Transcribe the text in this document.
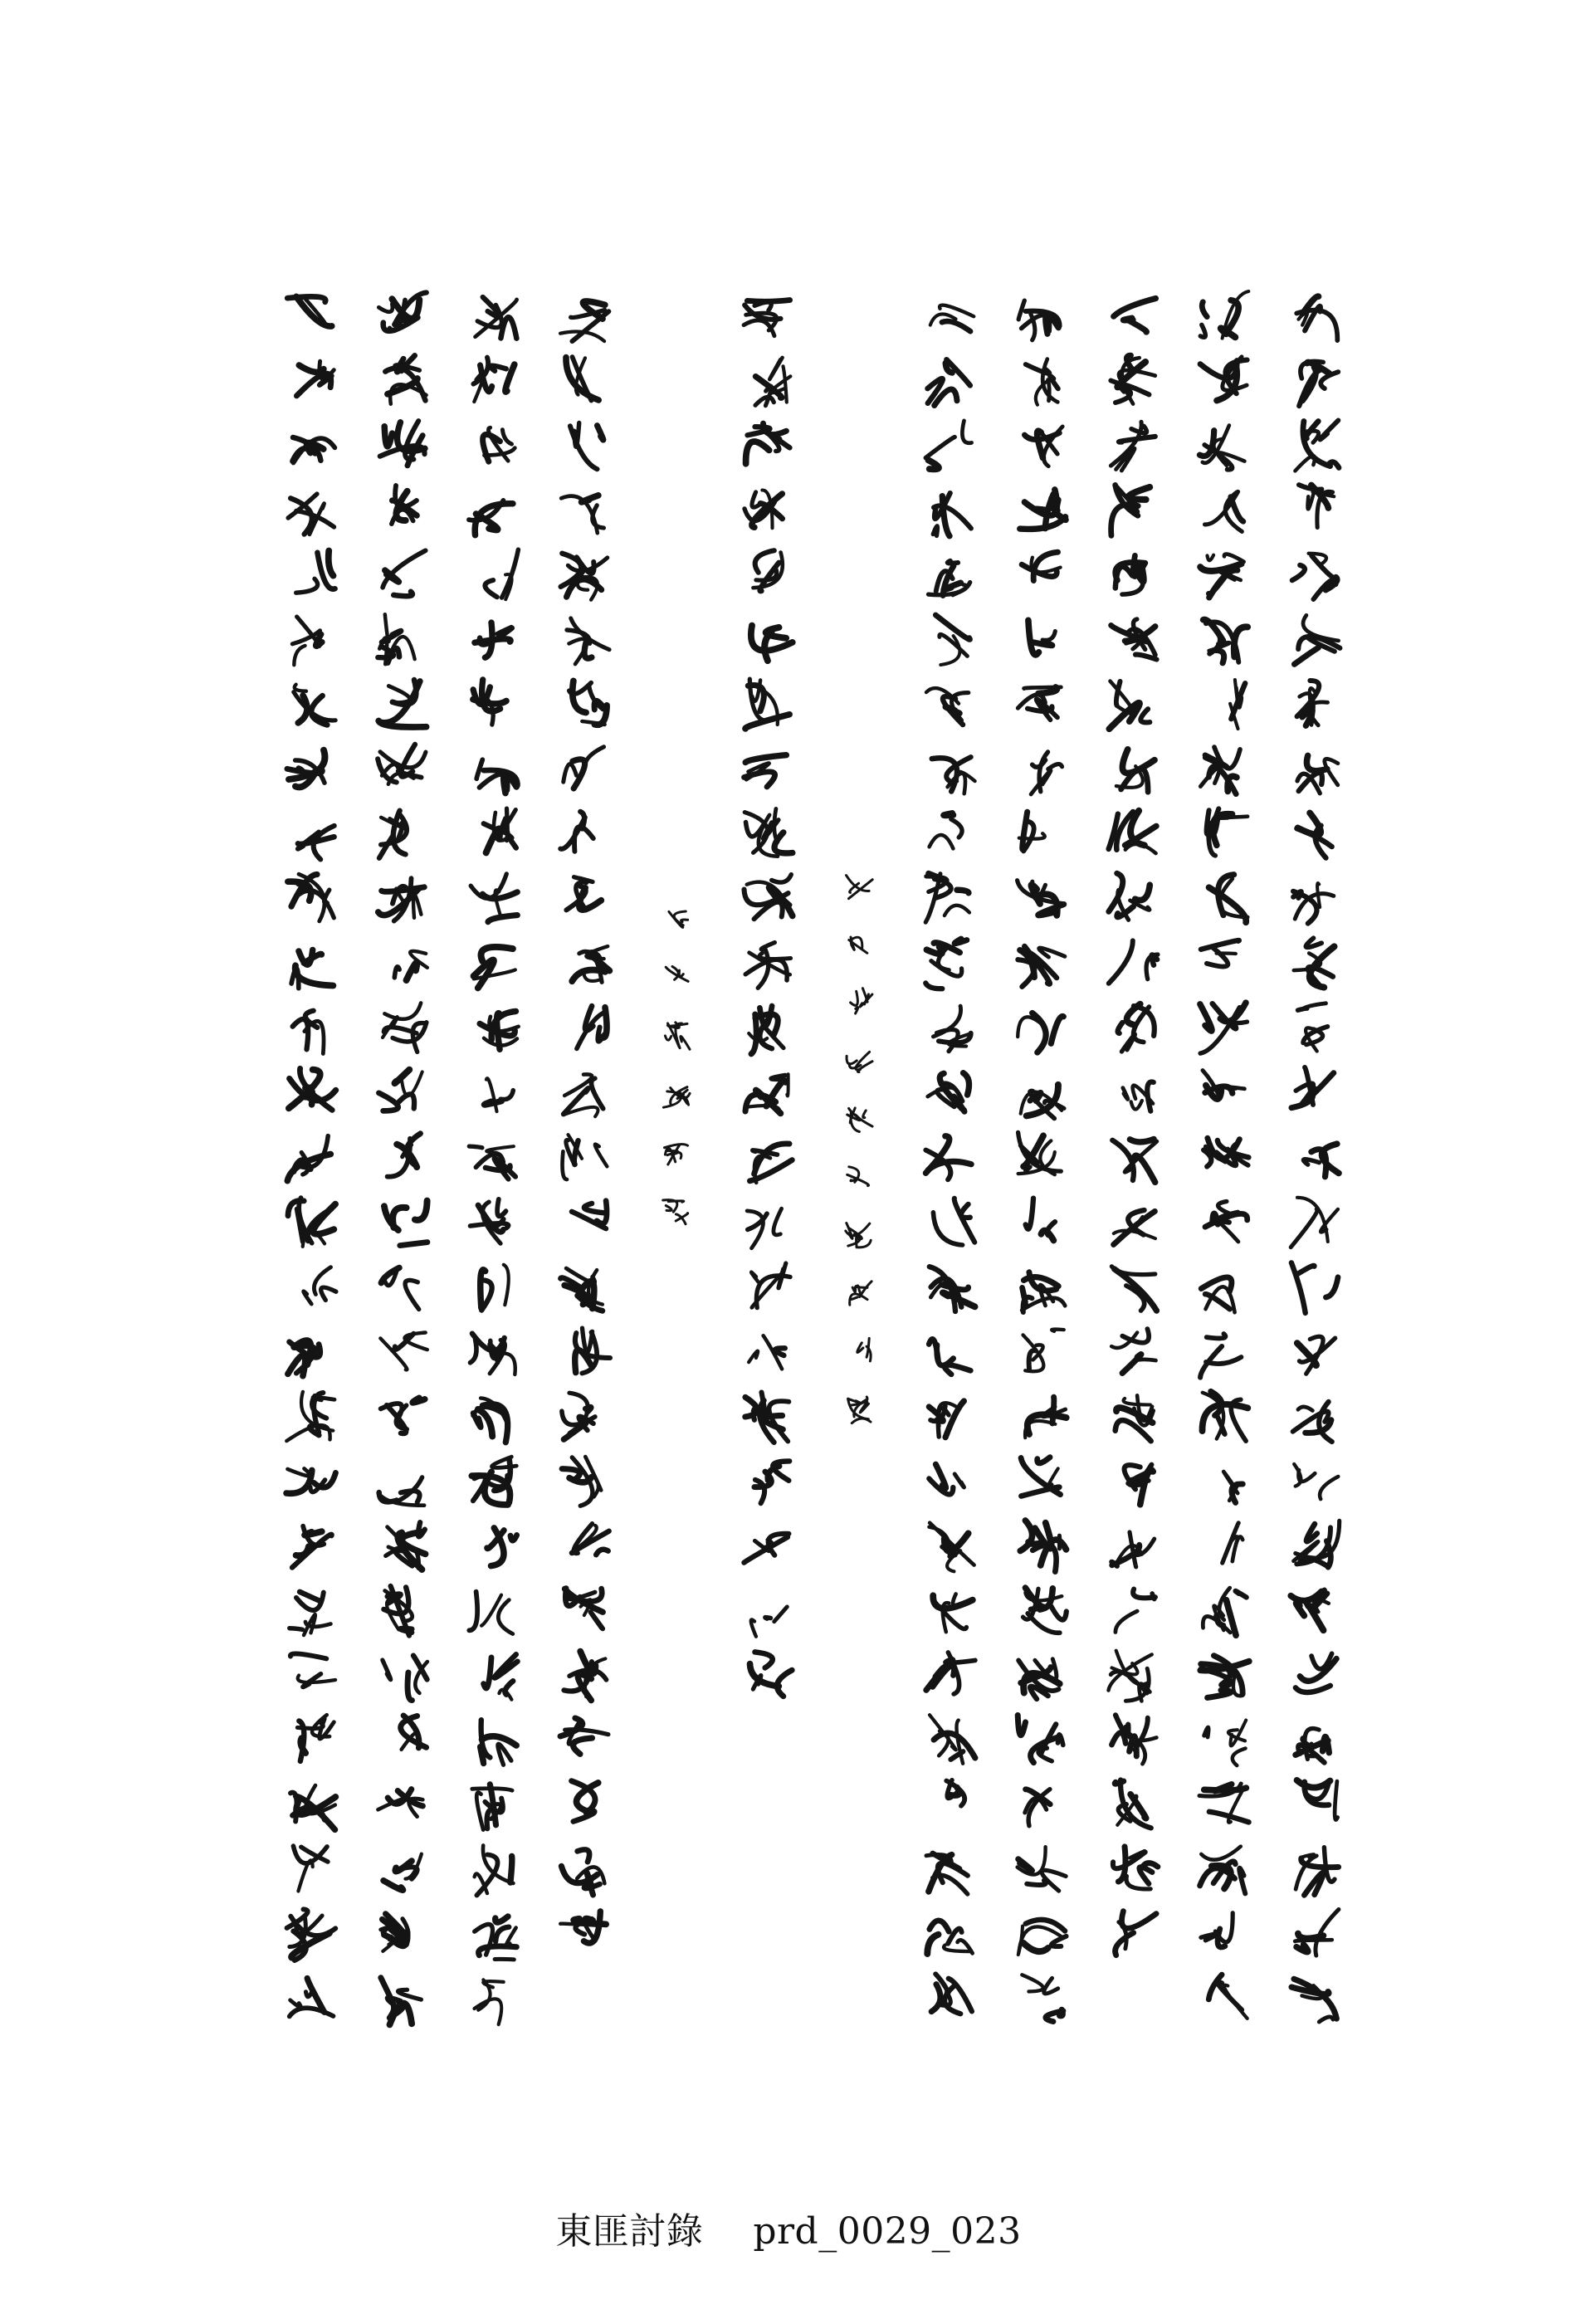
東匪討錄 prd_0029_023
